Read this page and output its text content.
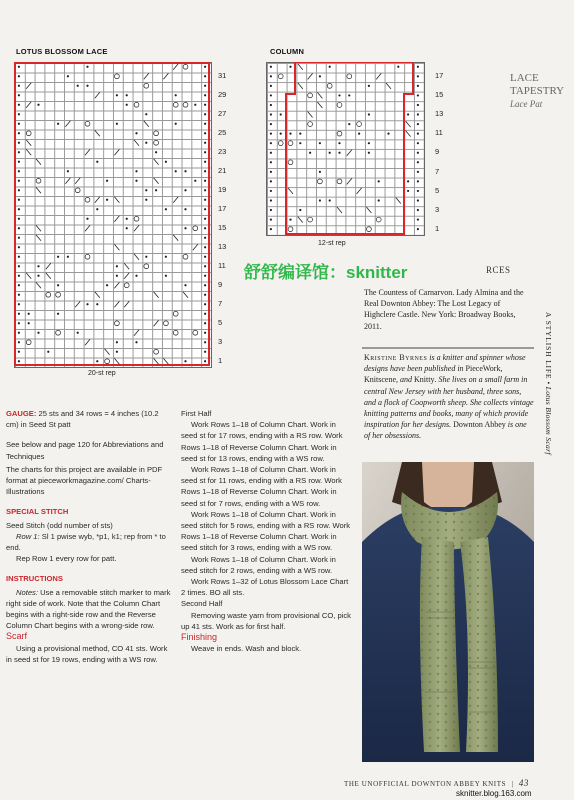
LOTUS BLOSSOM LACE
31
29
27
25
23
21
19
17
15
13
11
9
7
5
3
1
20-st rep
COLUMN
17
15
13
11
9
7
5
3
1
12-st rep
LACE
TAPESTRY
Lace Pat
舒舒编译馆：sknitter	RCES
The Countess of Carnarvon. Lady Almina and the Real Downton Abbey: The Lost Legacy of Highclere Castle. New York: Broadway Books, 2011.
Kristine Byrnes is a knitter and spinner whose designs have been published in PieceWork, Knitscene, and Knitty. She lives on a small farm in central New Jersey with her husband, three sons, and a flock of Coopworth sheep. She collects vintage knitting patterns and books, many of which provide inspiration for her designs. Downton Abbey is one of her obsessions.
A STYLISH LIFE • Lotus Blossom Scarf

GAUGE: 25 sts and 34 rows = 4 inches (10.2 cm) in Seed St patt

See below and page 120 for Abbreviations and Techniques

The charts for this project are available in PDF format at pieceworkmagazine.com/ Charts-Illustrations

SPECIAL STITCH

Seed Stitch (odd number of sts)

Row 1: Sl 1 pwise wyb, *p1, k1; rep from * to end.

Rep Row 1 every row for patt.

INSTRUCTIONS

Notes: Use a removable stitch marker to mark right side of work. Note that the Column Chart begins with a right-side row and the Reverse Column Chart begins with a wrong-side row.

Scarf

Using a provisional method, CO 41 sts. Work in seed st for 19 rows, ending with a WS row.

First Half

Work Rows 1–18 of Column Chart. Work in seed st for 17 rows, ending with a RS row. Work Rows 1–18 of Reverse Column Chart. Work in seed st for 13 rows, ending with a WS row.

Work Rows 1–18 of Column Chart. Work in seed st for 11 rows, ending with a RS row. Work Rows 1–18 of Reverse Column Chart. Work in seed st for 7 rows, ending with a WS row.

Work Rows 1–18 of Column Chart. Work in seed stitch for 5 rows, ending with a RS row. Work Rows 1–18 of Reverse Column Chart. Work in seed stitch for 3 rows, ending with a WS row.

Work Rows 1–18 of Column Chart. Work in seed stitch for 2 rows, ending with a WS row.

Work Rows 1–32 of Lotus Blossom Lace Chart 2 times. BO all sts.

Second Half

Removing waste yarn from provisional CO, pick up 41 sts. Work as for first half.

Finishing

Weave in ends. Wash and block.

THE UNOFFICIAL DOWNTON ABBEY KNITS | 43
sknitter.blog.163.com
